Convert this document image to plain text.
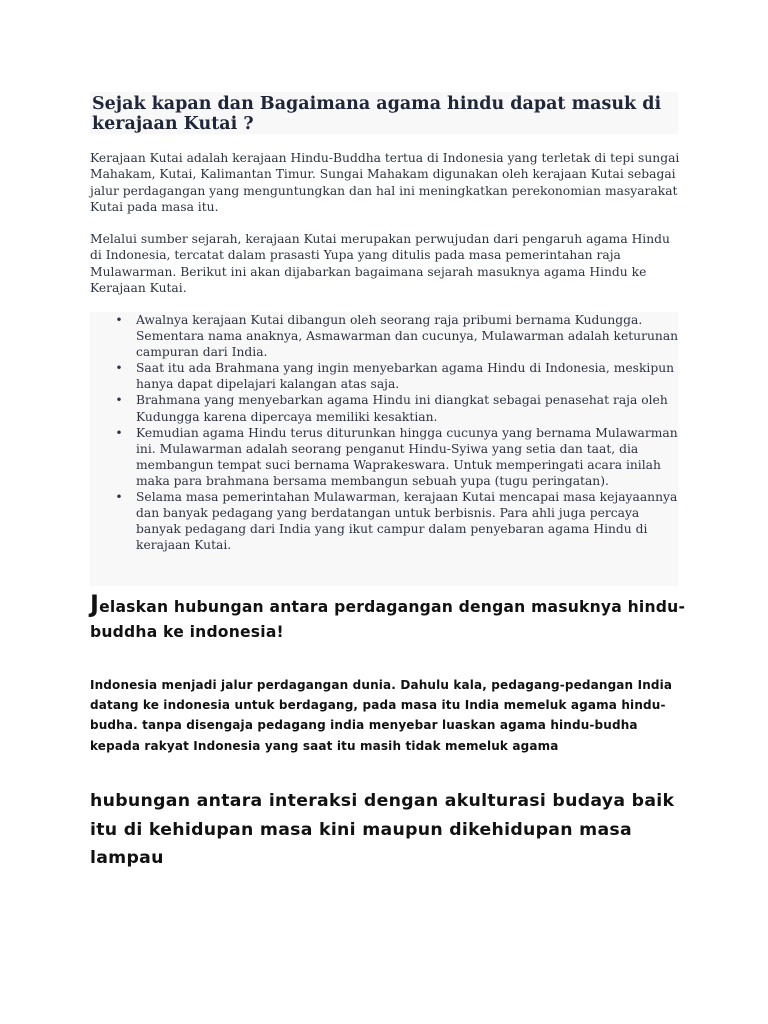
Sejak kapan dan Bagaimana agama hindu dapat masuk di kerajaan Kutai ?

Kerajaan Kutai adalah kerajaan Hindu-Buddha tertua di Indonesia yang terletak di tepi sungai Mahakam, Kutai, Kalimantan Timur. Sungai Mahakam digunakan oleh kerajaan Kutai sebagai jalur perdagangan yang menguntungkan dan hal ini meningkatkan perekonomian masyarakat Kutai pada masa itu.

Melalui sumber sejarah, kerajaan Kutai merupakan perwujudan dari pengaruh agama Hindu di Indonesia, tercatat dalam prasasti Yupa yang ditulis pada masa pemerintahan raja Mulawarman. Berikut ini akan dijabarkan bagaimana sejarah masuknya agama Hindu ke Kerajaan Kutai.

• Awalnya kerajaan Kutai dibangun oleh seorang raja pribumi bernama Kudungga. Sementara nama anaknya, Asmawarman dan cucunya, Mulawarman adalah keturunan campuran dari India.
• Saat itu ada Brahmana yang ingin menyebarkan agama Hindu di Indonesia, meskipun hanya dapat dipelajari kalangan atas saja.
• Brahmana yang menyebarkan agama Hindu ini diangkat sebagai penasehat raja oleh Kudungga karena dipercaya memiliki kesaktian.
• Kemudian agama Hindu terus diturunkan hingga cucunya yang bernama Mulawarman ini. Mulawarman adalah seorang penganut Hindu-Syiwa yang setia dan taat, dia membangun tempat suci bernama Waprakeswara. Untuk memperingati acara inilah maka para brahmana bersama membangun sebuah yupa (tugu peringatan).
• Selama masa pemerintahan Mulawarman, kerajaan Kutai mencapai masa kejayaannya dan banyak pedagang yang berdatangan untuk berbisnis. Para ahli juga percaya banyak pedagang dari India yang ikut campur dalam penyebaran agama Hindu di kerajaan Kutai.
Jelaskan hubungan antara perdagangan dengan masuknya hindu-buddha ke indonesia!

Indonesia menjadi jalur perdagangan dunia. Dahulu kala, pedagang-pedangan India datang ke indonesia untuk berdagang, pada masa itu India memeluk agama hindu-budha. tanpa disengaja pedagang india menyebar luaskan agama hindu-budha kepada rakyat Indonesia yang saat itu masih tidak memeluk agama

hubungan antara interaksi dengan akulturasi budaya baik itu di kehidupan masa kini maupun dikehidupan masa lampau
